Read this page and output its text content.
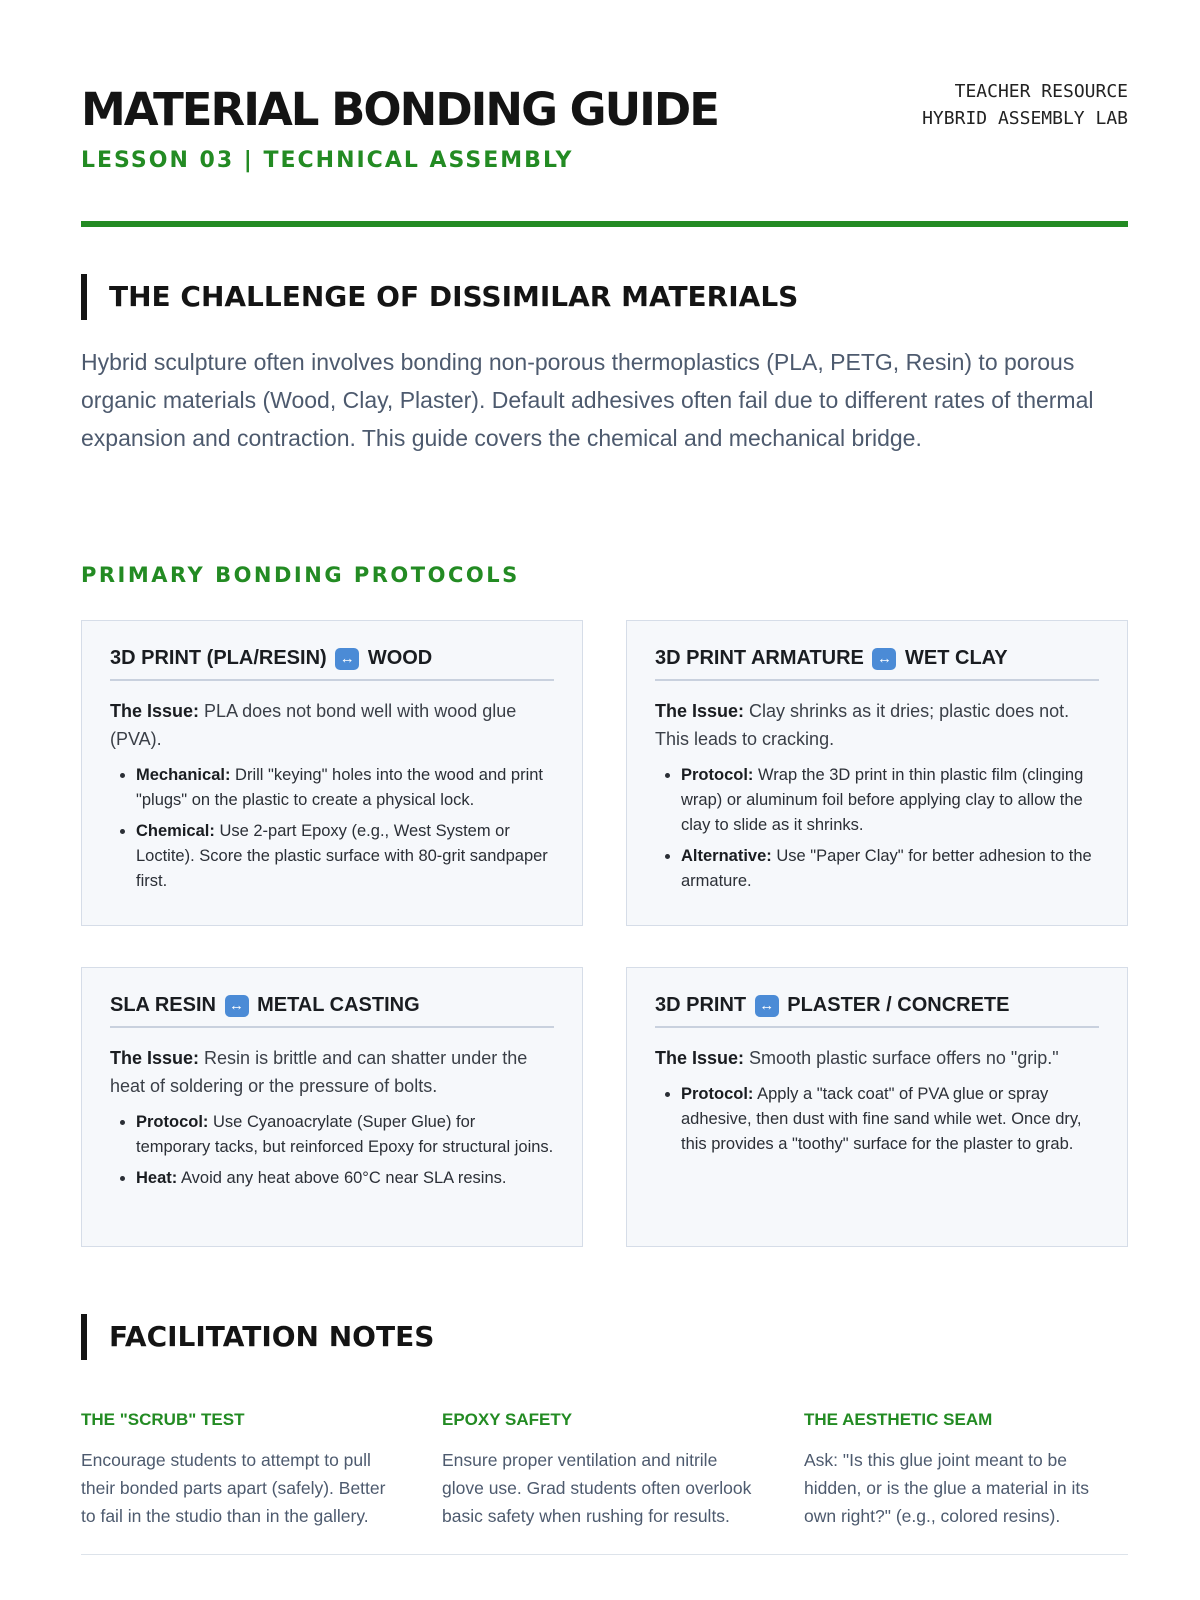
MATERIAL BONDING GUIDE
LESSON 03 | TECHNICAL ASSEMBLY
TEACHER RESOURCE
HYBRID ASSEMBLY LAB
THE CHALLENGE OF DISSIMILAR MATERIALS

Hybrid sculpture often involves bonding non-porous thermoplastics (PLA, PETG, Resin) to porous organic materials (Wood, Clay, Plaster). Default adhesives often fail due to different rates of thermal expansion and contraction. This guide covers the chemical and mechanical bridge.

PRIMARY BONDING PROTOCOLS
3D PRINT (PLA/RESIN) ↔ WOOD

The Issue: PLA does not bond well with wood glue (PVA).

• Mechanical: Drill "keying" holes into the wood and print "plugs" on the plastic to create a physical lock.
• Chemical: Use 2-part Epoxy (e.g., West System or Loctite). Score the plastic surface with 80-grit sandpaper first.
3D PRINT ARMATURE ↔ WET CLAY

The Issue: Clay shrinks as it dries; plastic does not. This leads to cracking.

• Protocol: Wrap the 3D print in thin plastic film (clinging wrap) or aluminum foil before applying clay to allow the clay to slide as it shrinks.
• Alternative: Use "Paper Clay" for better adhesion to the armature.
SLA RESIN ↔ METAL CASTING

The Issue: Resin is brittle and can shatter under the heat of soldering or the pressure of bolts.

• Protocol: Use Cyanoacrylate (Super Glue) for temporary tacks, but reinforced Epoxy for structural joins.
• Heat: Avoid any heat above 60°C near SLA resins.
3D PRINT ↔ PLASTER / CONCRETE

The Issue: Smooth plastic surface offers no "grip."

• Protocol: Apply a "tack coat" of PVA glue or spray adhesive, then dust with fine sand while wet. Once dry, this provides a "toothy" surface for the plaster to grab.
FACILITATION NOTES
THE "SCRUB" TEST

Encourage students to attempt to pull their bonded parts apart (safely). Better to fail in the studio than in the gallery.

EPOXY SAFETY

Ensure proper ventilation and nitrile glove use. Grad students often overlook basic safety when rushing for results.

THE AESTHETIC SEAM

Ask: "Is this glue joint meant to be hidden, or is the glue a material in its own right?" (e.g., colored resins).
